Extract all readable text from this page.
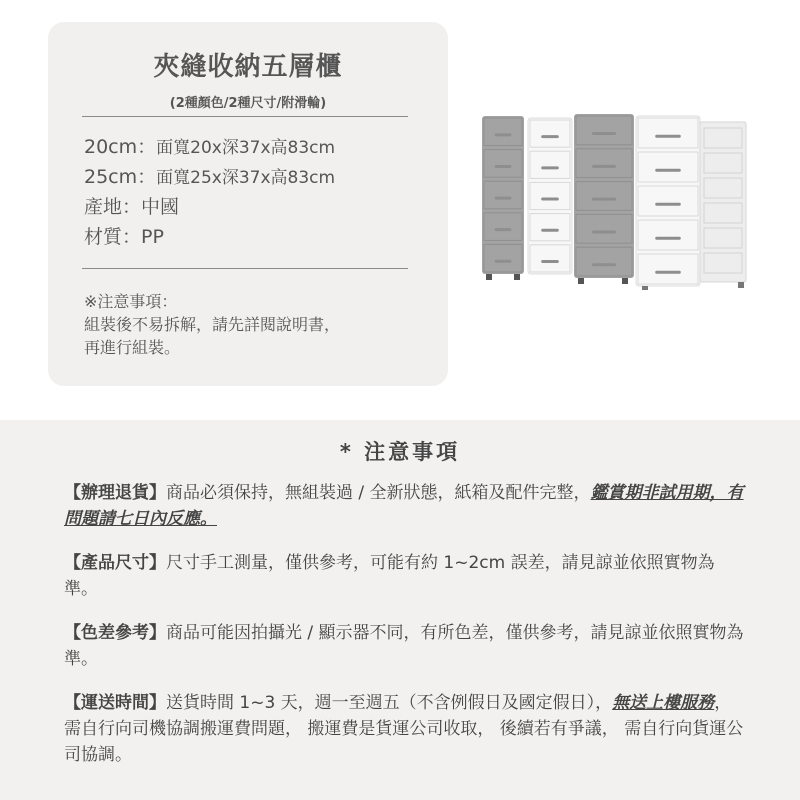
夾縫收納五層櫃
(2種顏色/2種尺寸/附滑輪)
20cm：面寬20x深37x高83cm
25cm：面寬25x深37x高83cm
產地：中國
材質：PP
※注意事項：
組裝後不易拆解，請先詳閱說明書，
再進行組裝。
* 注意事項
【辦理退貨】商品必須保持，無組裝過 / 全新狀態，紙箱及配件完整，鑑賞期非試用期，有問題請七日內反應。
【產品尺寸】尺寸手工測量，僅供參考，可能有約 1~2cm 誤差，請見諒並依照實物為準。
【色差參考】商品可能因拍攝光 / 顯示器不同，有所色差，僅供參考，請見諒並依照實物為準。
【運送時間】送貨時間 1~3 天，週一至週五（不含例假日及國定假日），無送上樓服務，需自行向司機協調搬運費問題， 搬運費是貨運公司收取， 後續若有爭議， 需自行向貨運公司協調。
